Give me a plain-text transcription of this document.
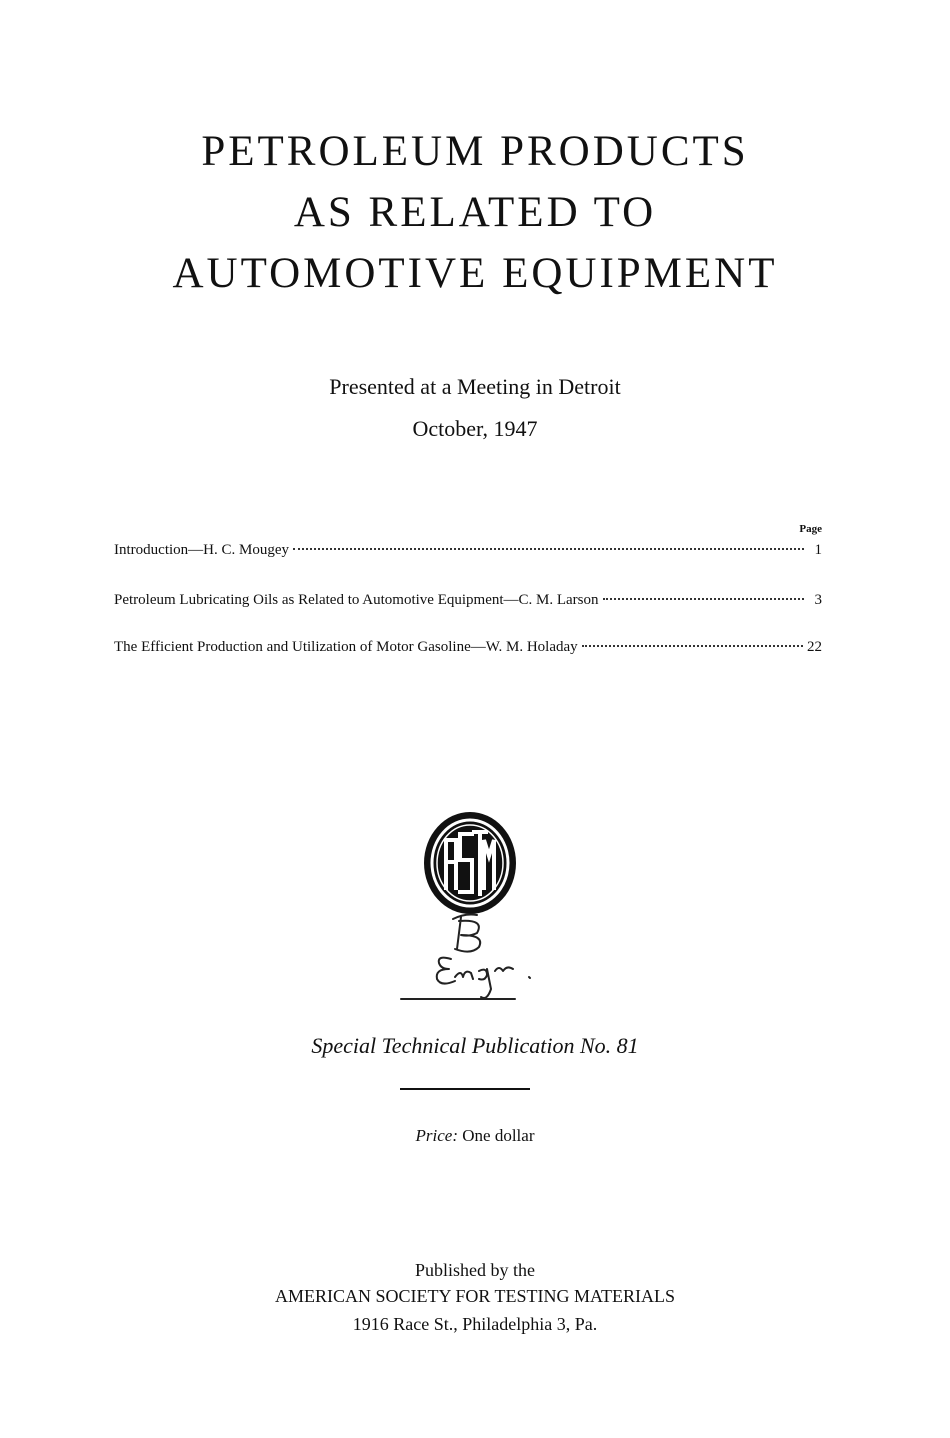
PETROLEUM PRODUCTS
AS RELATED TO
AUTOMOTIVE EQUIPMENT
Presented at a Meeting in Detroit
October, 1947
Page
Introduction—H. C. Mougey	1
Petroleum Lubricating Oils as Related to Automotive Equipment—C. M. Larson	3
The Efficient Production and Utilization of Motor Gasoline—W. M. Holaday	22
Special Technical Publication No. 81
Price: One dollar
Published by the
AMERICAN SOCIETY FOR TESTING MATERIALS
1916 Race St., Philadelphia 3, Pa.
